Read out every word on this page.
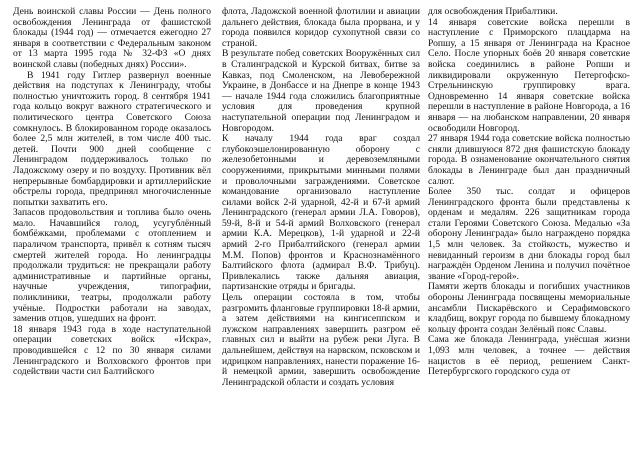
День воинской славы России — День полного освобождения Ленинграда от фашистской блокады (1944 год) — отмечается ежегодно 27 января в соответствии с Федеральным законом от 13 марта 1995 года № 32-ФЗ «О днях воинской славы (победных днях) России».

В 1941 году Гитлер развернул военные действия на подступах к Ленинграду, чтобы полностью уничтожить город. 8 сентября 1941 года кольцо вокруг важного стратегического и политического центра Советского Союза сомкнулось. В блокированном городе оказалось более 2,5 млн жителей, в том числе 400 тыс. детей. Почти 900 дней сообщение с Ленинградом поддерживалось только по Ладожскому озеру и по воздуху. Противник вёл непрерывные бомбардировки и артиллерийские обстрелы города, предпринял многочисленные попытки захватить его.

Запасов продовольствия и топлива было очень мало. Начавшийся голод, усугублённый бомбёжками, проблемами с отоплением и параличом транспорта, привёл к сотням тысяч смертей жителей города. Но ленинградцы продолжали трудиться: не прекращали работу административные и партийные органы, научные учреждения, типографии, поликлиники, театры, продолжали работу учёные. Подростки работали на заводах, заменив отцов, ушедших на фронт.

18 января 1943 года в ходе наступательной операции советских войск «Искра», проводившейся с 12 по 30 января силами Ленинградского и Волховского фронтов при содействии части сил Балтийского

флота, Ладожской военной флотилии и авиации дальнего действия, блокада была прорвана, и у города появился коридор сухопутной связи со страной.

В результате побед советских Вооружённых сил в Сталинградской и Курской битвах, битве за Кавказ, под Смоленском, на Левобережной Украине, в Донбассе и на Днепре в конце 1943 — начале 1944 года сложились благоприятные условия для проведения крупной наступательной операции под Ленинградом и Новгородом.

К началу 1944 года враг создал глубокоэшелонированную оборону с железобетонными и деревоземляными сооружениями, прикрытыми минными полями и проволочными заграждениями. Советское командование организовало наступление силами войск 2-й ударной, 42-й и 67-й армий Ленинградского (генерал армии Л.А. Говоров), 59-й, 8-й и 54-й армий Волховского (генерал армии К.А. Мерецков), 1-й ударной и 22-й армий 2-го Прибалтийского (генерал армии М.М. Попов) фронтов и Краснознамённого Балтийского флота (адмирал В.Ф. Трибуц). Привлекались также дальняя авиация, партизанские отряды и бригады.

Цель операции состояла в том, чтобы разгромить фланговые группировки 18-й армии, а затем действиями на кингисеппском и лужском направлениях завершить разгром её главных сил и выйти на рубеж реки Луга. В дальнейшем, действуя на нарвском, псковском и идрицком направлениях, нанести поражение 16-й немецкой армии, завершить освобождение Ленинградской области и создать условия

для освобождения Прибалтики.

14 января советские войска перешли в наступление с Приморского плацдарма на Ропшу, а 15 января от Ленинграда на Красное Село. После упорных боёв 20 января советские войска соединились в районе Ропши и ликвидировали окруженную Петергофско-Стрельнинскую группировку врага. Одновременно 14 января советские войска перешли в наступление в районе Новгорода, а 16 января — на любанском направлении, 20 января освободили Новгород.

27 января 1944 года советские войска полностью сняли длившуюся 872 дня фашистскую блокаду города. В ознаменование окончательного снятия блокады в Ленинграде был дан праздничный салют.

Более 350 тыс. солдат и офицеров Ленинградского фронта были представлены к орденам и медалям. 226 защитникам города стали Героями Советского Союза. Медалью «За оборону Ленинграда» было награждено порядка 1,5 млн человек. За стойкость, мужество и невиданный героизм в дни блокады город был награждён Орденом Ленина и получил почётное звание «Город-герой».

Памяти жертв блокады и погибших участников обороны Ленинграда посвящены мемориальные ансамбли Пискарёвского и Серафимовского кладбищ, вокруг города по бывшему блокадному кольцу фронта создан Зелёный пояс Славы.

Сама же блокада Ленинграда, унёсшая жизни 1,093 млн человек, а точнее — действия нацистов в её период, решением Санкт-Петербургского городского суда от
